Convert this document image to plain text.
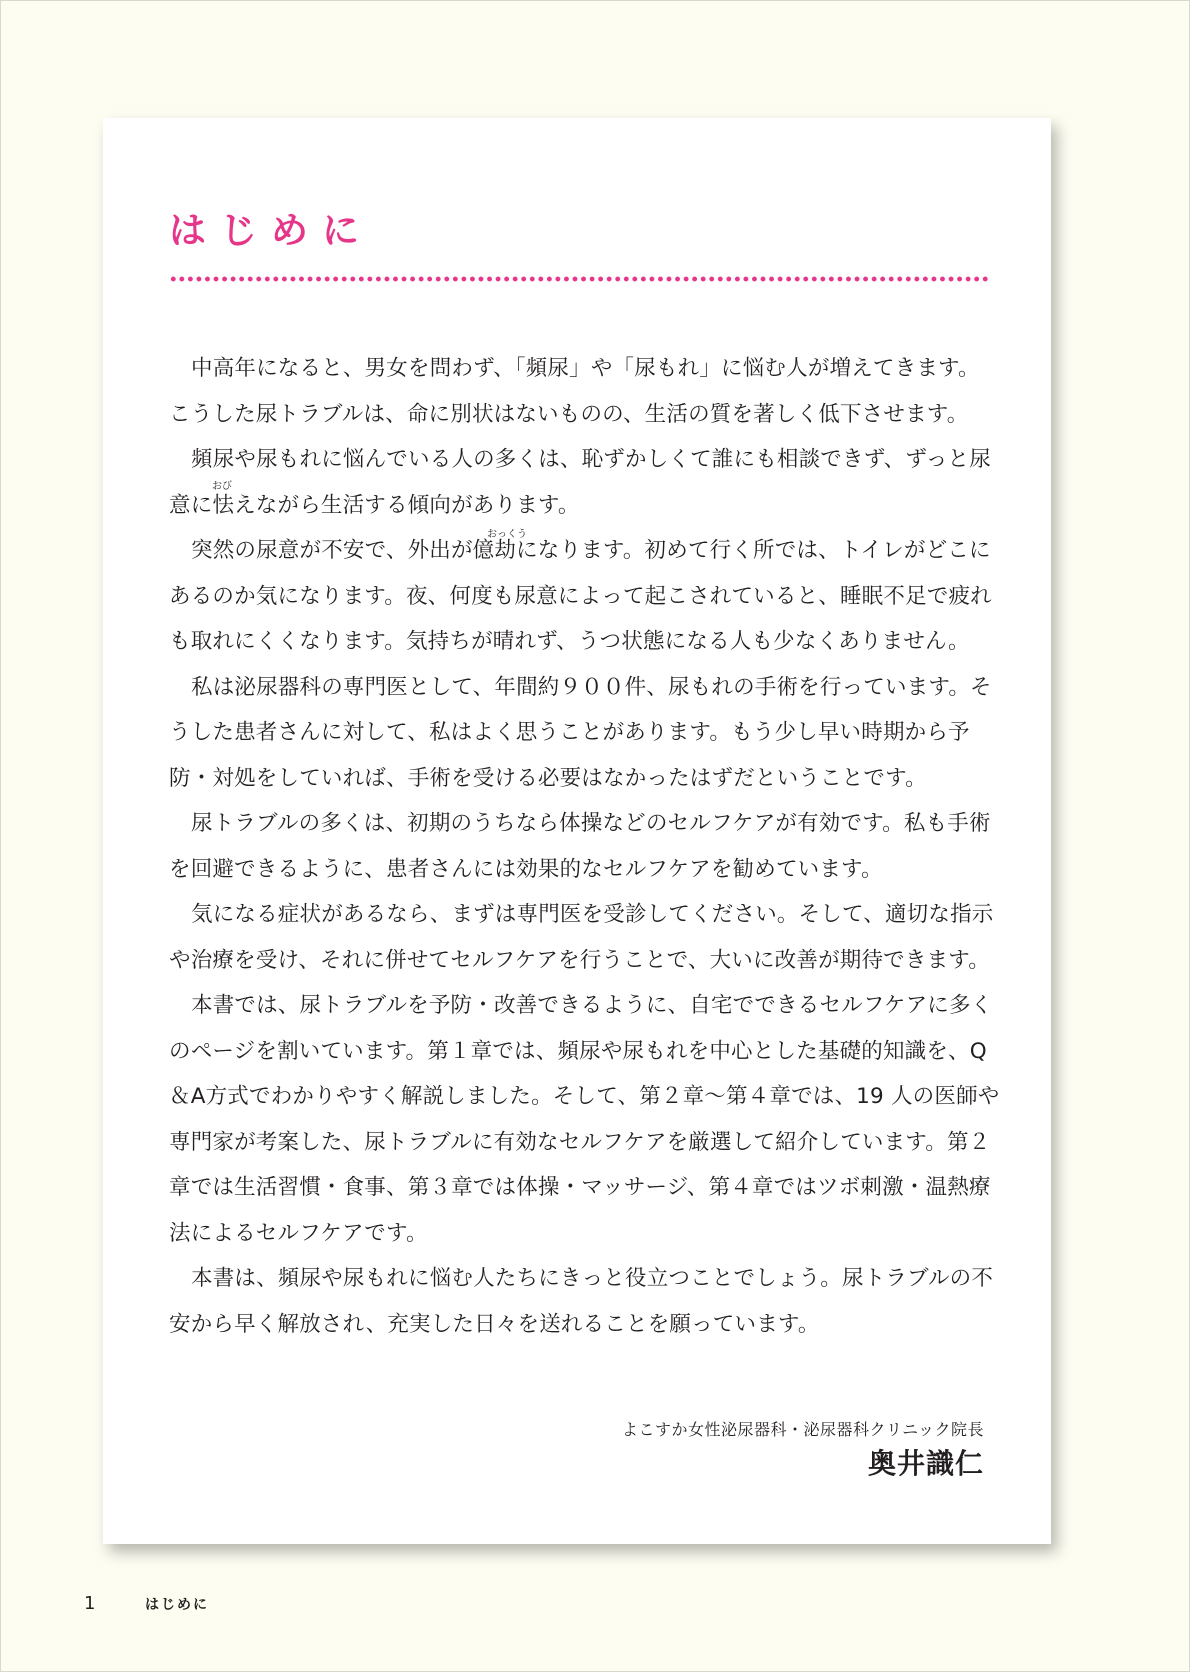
はじめに
おび
おっくう

中高年になると、男女を問わず、「頻尿」や「尿もれ」に悩む人が増えてきます。こうした尿トラブルは、命に別状はないものの、生活の質を著しく低下させます。

頻尿や尿もれに悩んでいる人の多くは、恥ずかしくて誰にも相談できず、ずっと尿意に怯えながら生活する傾向があります。

突然の尿意が不安で、外出が億劫になります。初めて行く所では、トイレがどこにあるのか気になります。夜、何度も尿意によって起こされていると、睡眠不足で疲れも取れにくくなります。気持ちが晴れず、うつ状態になる人も少なくありません。

私は泌尿器科の専門医として、年間約９００件、尿もれの手術を行っています。そうした患者さんに対して、私はよく思うことがあります。もう少し早い時期から予防・対処をしていれば、手術を受ける必要はなかったはずだということです。

尿トラブルの多くは、初期のうちなら体操などのセルフケアが有効です。私も手術を回避できるように、患者さんには効果的なセルフケアを勧めています。

気になる症状があるなら、まずは専門医を受診してください。そして、適切な指示や治療を受け、それに併せてセルフケアを行うことで、大いに改善が期待できます。

本書では、尿トラブルを予防・改善できるように、自宅でできるセルフケアに多くのページを割いています。第１章では、頻尿や尿もれを中心とした基礎的知識を、Q＆A方式でわかりやすく解説しました。そして、第２章～第４章では、19 人の医師や専門家が考案した、尿トラブルに有効なセルフケアを厳選して紹介しています。第２章では生活習慣・食事、第３章では体操・マッサージ、第４章ではツボ刺激・温熱療法によるセルフケアです。

本書は、頻尿や尿もれに悩む人たちにきっと役立つことでしょう。尿トラブルの不安から早く解放され、充実した日々を送れることを願っています。

よこすか女性泌尿器科・泌尿器科クリニック院長
奥井識仁
1	はじめに
